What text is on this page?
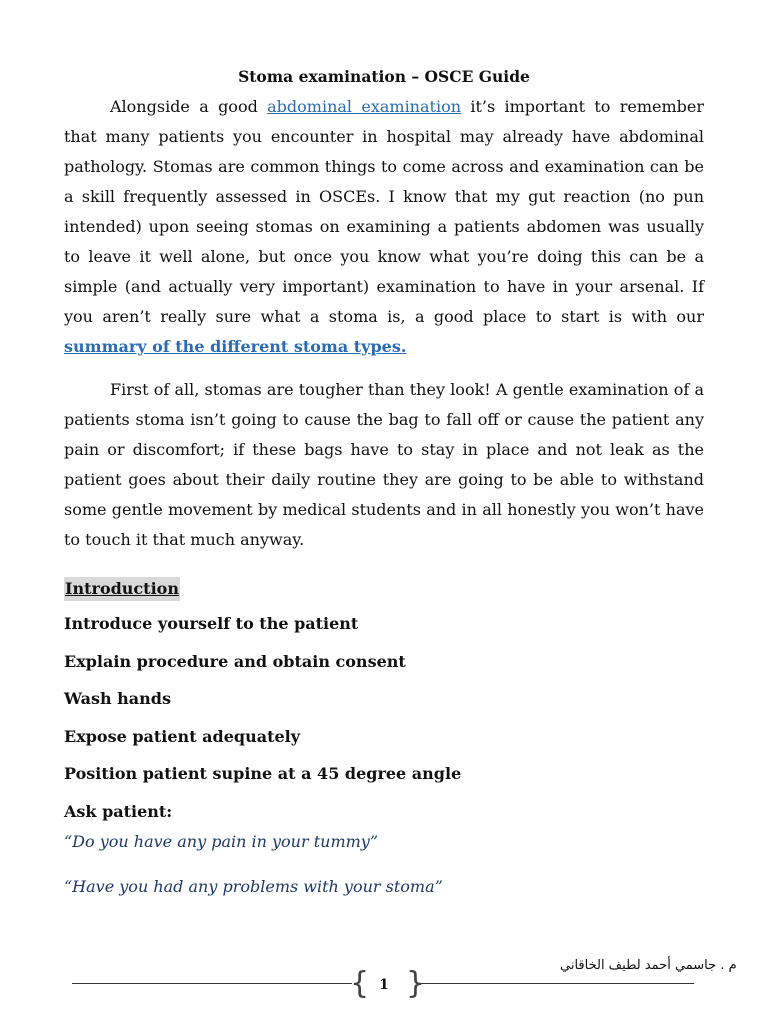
Stoma examination – OSCE Guide

Alongside a good abdominal examination it’s important to remember that many patients you encounter in hospital may already have abdominal pathology. Stomas are common things to come across and examination can be a skill frequently assessed in OSCEs. I know that my gut reaction (no pun intended) upon seeing stomas on examining a patients abdomen was usually to leave it well alone, but once you know what you’re doing this can be a simple (and actually very important) examination to have in your arsenal. If you aren’t really sure what a stoma is, a good place to start is with our summary of the different stoma types.

First of all, stomas are tougher than they look! A gentle examination of a patients stoma isn’t going to cause the bag to fall off or cause the patient any pain or discomfort; if these bags have to stay in place and not leak as the patient goes about their daily routine they are going to be able to withstand some gentle movement by medical students and in all honestly you won’t have to touch it that much anyway.

Introduction
Introduce yourself to the patient
Explain procedure and obtain consent
Wash hands
Expose patient adequately
Position patient supine at a 45 degree angle
Ask patient:
“Do you have any pain in your tummy”
“Have you had any problems with your stoma”
م . جاسمي أحمد لطيف الخاقاني
{ }
1
